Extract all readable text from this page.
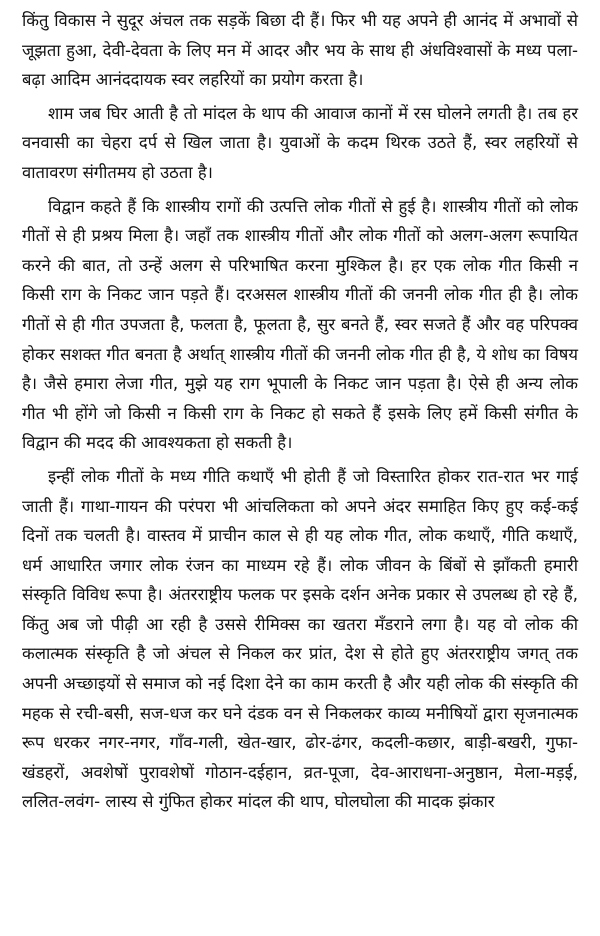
किंतु विकास ने सुदूर अंचल तक सड़कें बिछा दी हैं। फिर भी यह अपने ही आनंद में अभावों से जूझता हुआ, देवी-देवता के लिए मन में आदर और भय के साथ ही अंधविश्वासों के मध्य पला-बढ़ा आदिम आनंददायक स्वर लहरियों का प्रयोग करता है।

शाम जब घिर आती है तो मांदल के थाप की आवाज कानों में रस घोलने लगती है। तब हर वनवासी का चेहरा दर्प से खिल जाता है। युवाओं के कदम थिरक उठते हैं, स्वर लहरियों से वातावरण संगीतमय हो उठता है।

विद्वान कहते हैं कि शास्त्रीय रागों की उत्पत्ति लोक गीतों से हुई है। शास्त्रीय गीतों को लोक गीतों से ही प्रश्रय मिला है। जहाँ तक शास्त्रीय गीतों और लोक गीतों को अलग-अलग रूपायित करने की बात, तो उन्हें अलग से परिभाषित करना मुश्किल है। हर एक लोक गीत किसी न किसी राग के निकट जान पड़ते हैं। दरअसल शास्त्रीय गीतों की जननी लोक गीत ही है। लोक गीतों से ही गीत उपजता है, फलता है, फूलता है, सुर बनते हैं, स्वर सजते हैं और वह परिपक्व होकर सशक्त गीत बनता है अर्थात् शास्त्रीय गीतों की जननी लोक गीत ही है, ये शोध का विषय है। जैसे हमारा लेजा गीत, मुझे यह राग भूपाली के निकट जान पड़ता है। ऐसे ही अन्य लोक गीत भी होंगे जो किसी न किसी राग के निकट हो सकते हैं इसके लिए हमें किसी संगीत के विद्वान की मदद की आवश्यकता हो सकती है।

इन्हीं लोक गीतों के मध्य गीति कथाएँ भी होती हैं जो विस्तारित होकर रात-रात भर गाई जाती हैं। गाथा-गायन की परंपरा भी आंचलिकता को अपने अंदर समाहित किए हुए कई-कई दिनों तक चलती है। वास्तव में प्राचीन काल से ही यह लोक गीत, लोक कथाएँ, गीति कथाएँ, धर्म आधारित जगार लोक रंजन का माध्यम रहे हैं। लोक जीवन के बिंबों से झाँकती हमारी संस्कृति विविध रूपा है। अंतरराष्ट्रीय फलक पर इसके दर्शन अनेक प्रकार से उपलब्ध हो रहे हैं, किंतु अब जो पीढ़ी आ रही है उससे रीमिक्स का खतरा मँडराने लगा है। यह वो लोक की कलात्मक संस्कृति है जो अंचल से निकल कर प्रांत, देश से होते हुए अंतरराष्ट्रीय जगत् तक अपनी अच्छाइयों से समाज को नई दिशा देने का काम करती है और यही लोक की संस्कृति की महक से रची-बसी, सज-धज कर घने दंडक वन से निकलकर काव्य मनीषियों द्वारा सृजनात्मक रूप धरकर नगर-नगर, गाँव-गली, खेत-खार, ढोर-ढंगर, कदली-कछार, बाड़ी-बखरी, गुफा-खंडहरों, अवशेषों पुरावशेषों गोठान-दईहान, व्रत-पूजा, देव-आराधना-अनुष्ठान, मेला-मड़ई, ललित-लवंग- लास्य से गुंफित होकर मांदल की थाप, घोलघोला की मादक झंकार
